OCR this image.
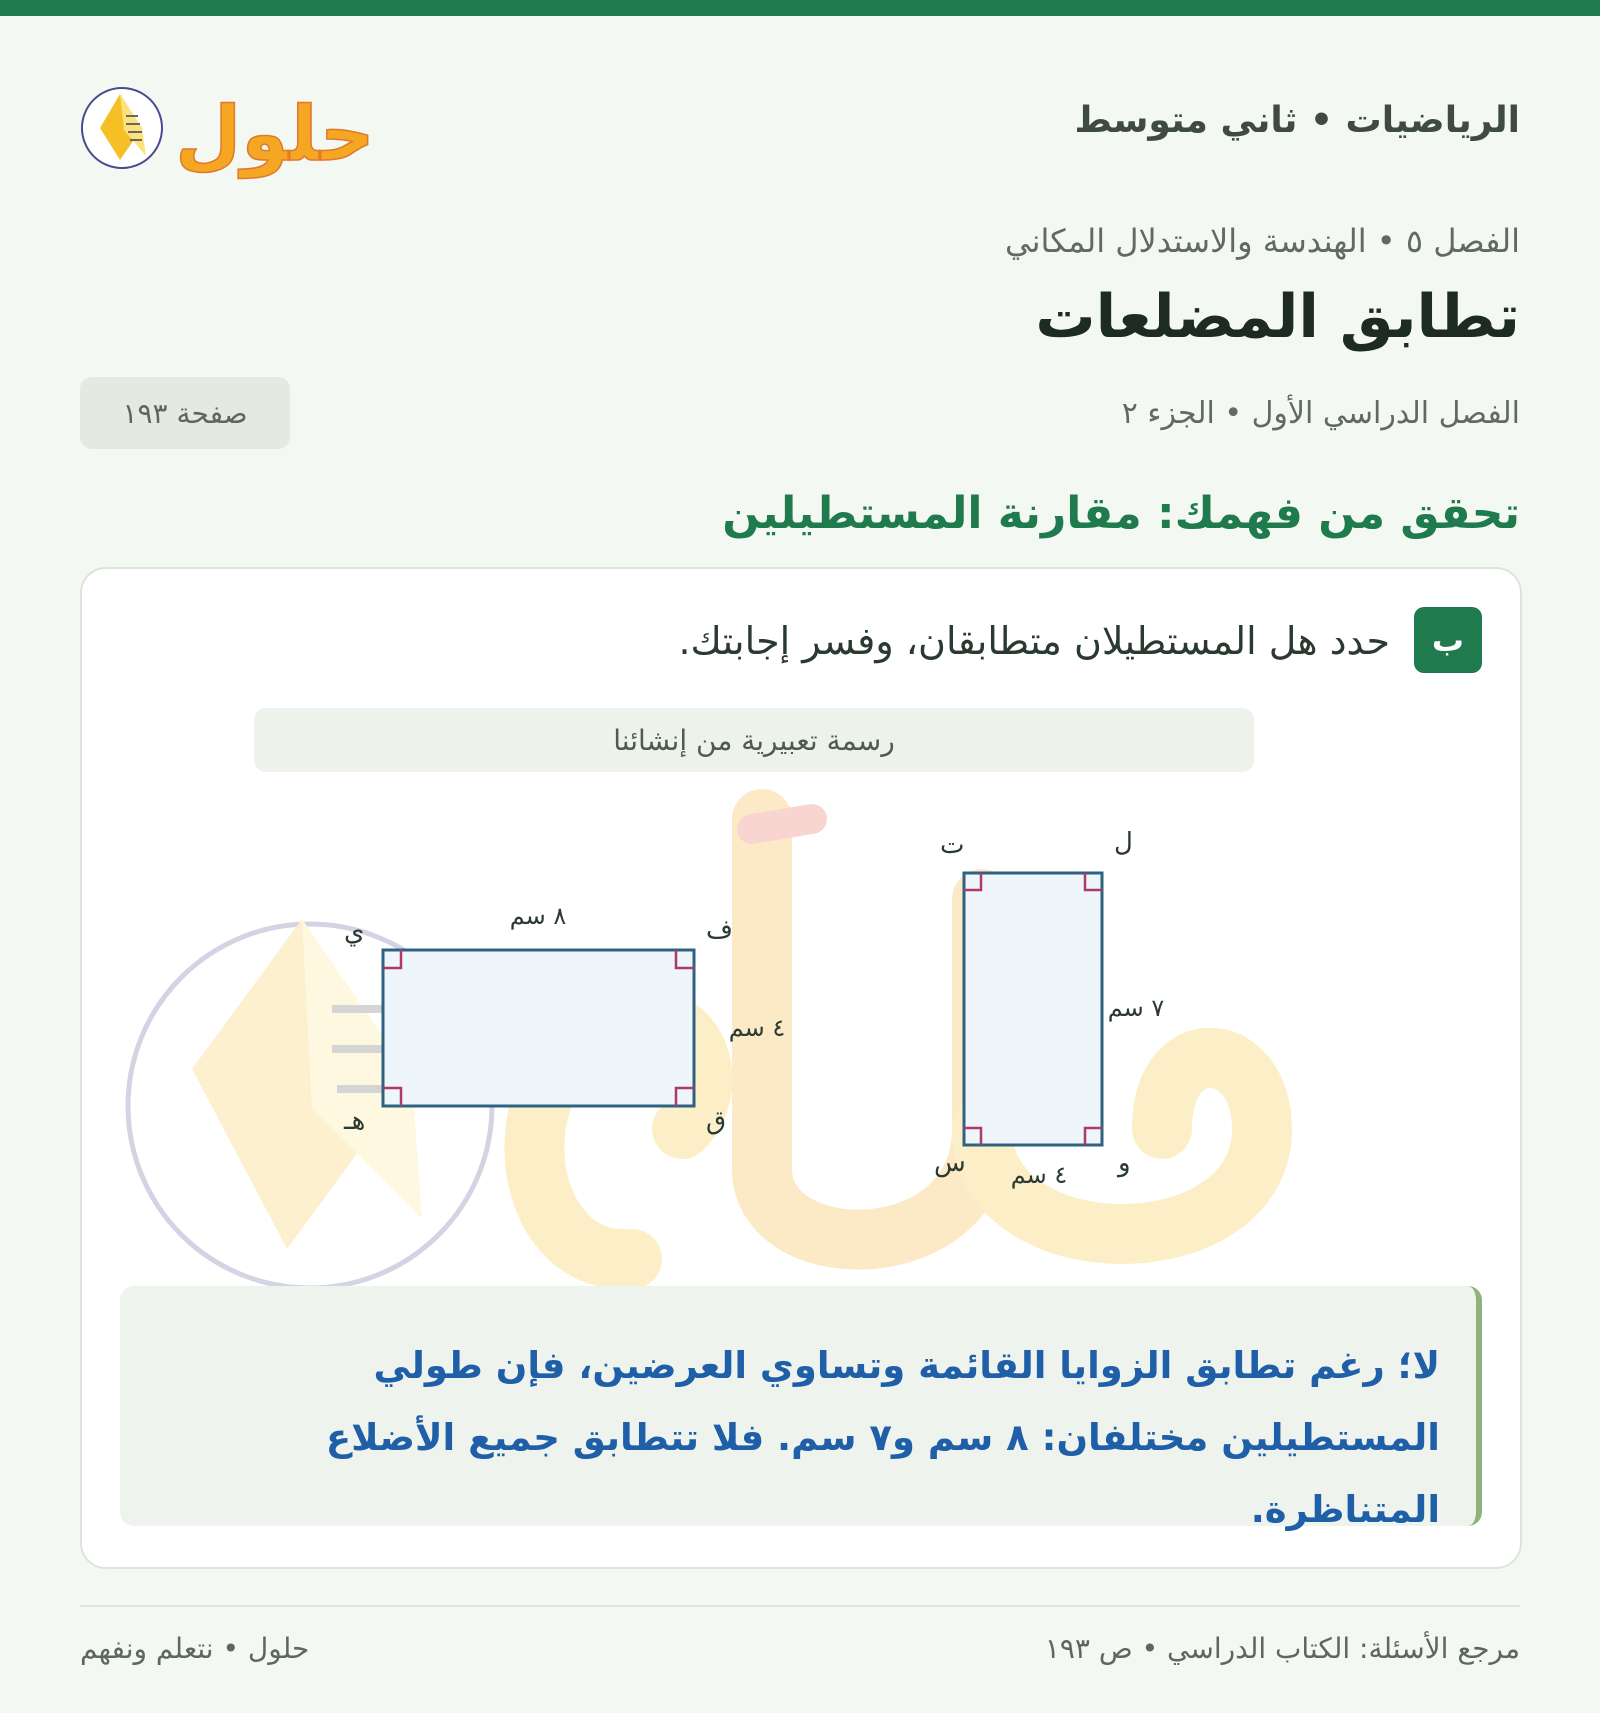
الرياضيات • ثاني متوسط
حلول
الفصل ٥ • الهندسة والاستدلال المكاني
تطابق المضلعات
الفصل الدراسي الأول • الجزء ٢
صفحة ١٩٣
تحقق من فهمك: مقارنة المستطيلين
ب
حدد هل المستطيلان متطابقان، وفسر إجابتك.
رسمة تعبيرية من إنشائنا
ي	ف
ق
هـ
٨ سم
٤ سم
ت	ل
و
س
٧ سم
٤ سم
لا؛ رغم تطابق الزوايا القائمة وتساوي العرضين، فإن طولي المستطيلين مختلفان: ٨ سم و٧ سم. فلا تتطابق جميع الأضلاع المتناظرة.
مرجع الأسئلة: الكتاب الدراسي • ص ١٩٣
حلول • نتعلم ونفهم
